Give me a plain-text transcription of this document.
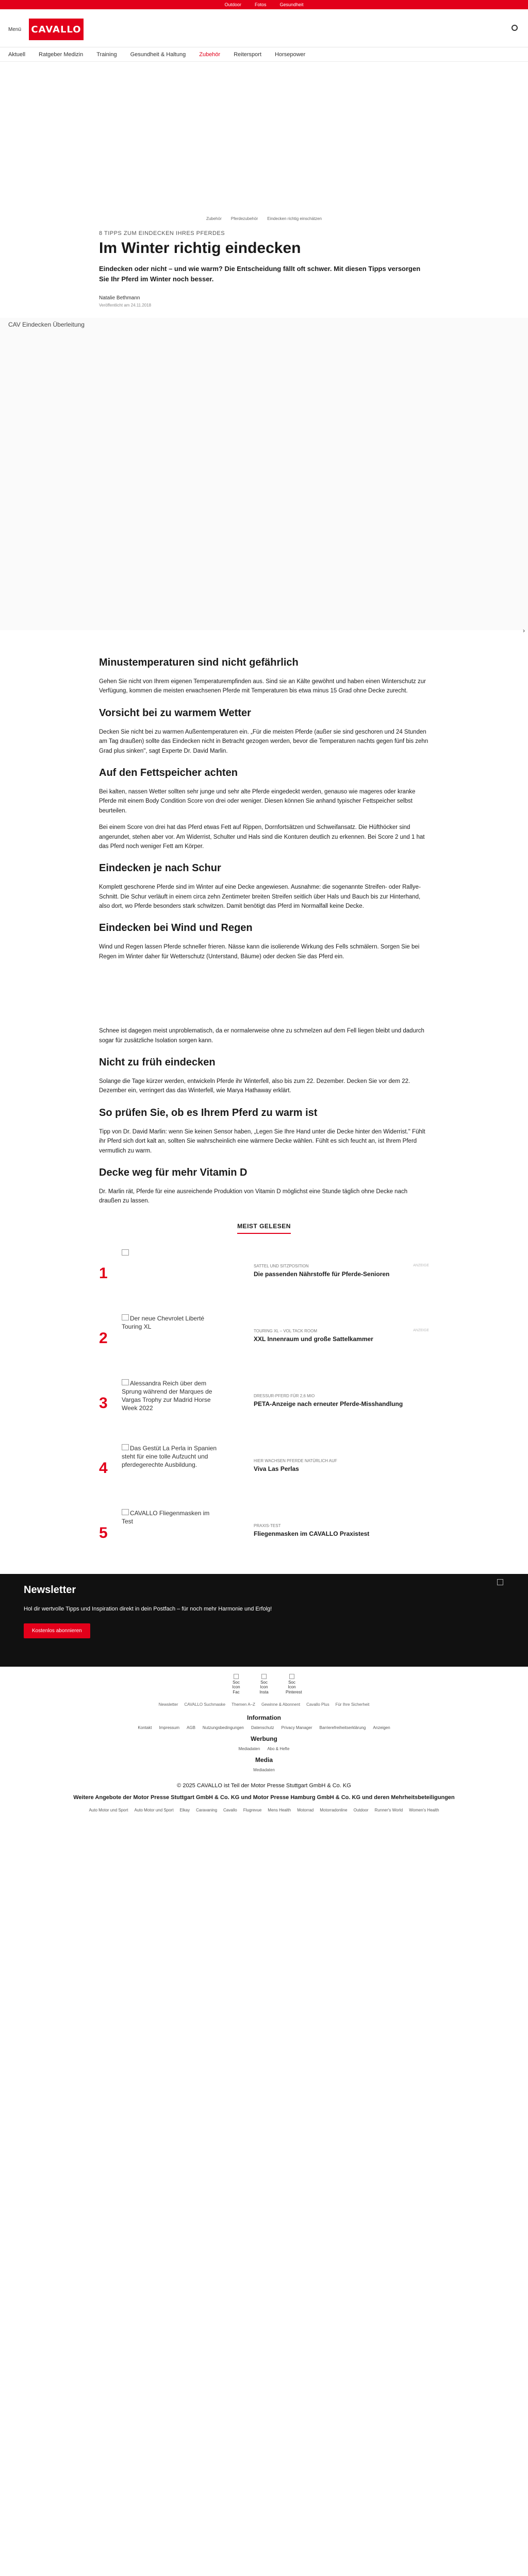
Outdoor	Fotos	Gesundheit
Menü CAVALLO
Aktuell Ratgeber Medizin Training Gesundheit & Haltung Zubehör Reitersport Horsepower
Zubehör Pferdezubehör Eindecken richtig einschätzen
8 TIPPS ZUM EINDECKEN IHRES PFERDES
Im Winter richtig eindecken

Eindecken oder nicht – und wie warm? Die Entscheidung fällt oft schwer. Mit diesen Tipps versorgen Sie Ihr Pferd im Winter noch besser.

Natalie Bethmann
Veröffentlicht am 24.11.2018
CAV Eindecken Überleitung
›
Minustemperaturen sind nicht gefährlich

Gehen Sie nicht von Ihrem eigenen Temperaturempfinden aus. Sind sie an Kälte gewöhnt und haben einen Winterschutz zur Verfügung, kommen die meisten erwachsenen Pferde mit Temperaturen bis etwa minus 15 Grad ohne Decke zurecht.

Vorsicht bei zu warmem Wetter

Decken Sie nicht bei zu warmen Außentemperaturen ein. „Für die meisten Pferde (außer sie sind geschoren und 24 Stunden am Tag draußen) sollte das Eindecken nicht in Betracht gezogen werden, bevor die Temperaturen nachts gegen fünf bis zehn Grad plus sinken", sagt Experte Dr. David Marlin.

Auf den Fettspeicher achten

Bei kalten, nassen Wetter sollten sehr junge und sehr alte Pferde eingedeckt werden, genauso wie mageres oder kranke Pferde mit einem Body Condition Score von drei oder weniger. Diesen können Sie anhand typischer Fettspeicher selbst beurteilen.

Bei einem Score von drei hat das Pferd etwas Fett auf Rippen, Dornfortsätzen und Schweifansatz. Die Hüfthöcker sind angerundet, stehen aber vor. Am Widerrist, Schulter und Hals sind die Konturen deutlich zu erkennen. Bei Score 2 und 1 hat das Pferd noch weniger Fett am Körper.

Eindecken je nach Schur

Komplett geschorene Pferde sind im Winter auf eine Decke angewiesen. Ausnahme: die sogenannte Streifen- oder Rallye-Schnitt. Die Schur verläuft in einem circa zehn Zentimeter breiten Streifen seitlich über Hals und Bauch bis zur Hinterhand, also dort, wo Pferde besonders stark schwitzen. Damit benötigt das Pferd im Normalfall keine Decke.

Eindecken bei Wind und Regen

Wind und Regen lassen Pferde schneller frieren. Nässe kann die isolierende Wirkung des Fells schmälern. Sorgen Sie bei Regen im Winter daher für Wetterschutz (Unterstand, Bäume) oder decken Sie das Pferd ein.

Schnee ist dagegen meist unproblematisch, da er normalerweise ohne zu schmelzen auf dem Fell liegen bleibt und dadurch sogar für zusätzliche Isolation sorgen kann.

Nicht zu früh eindecken

Solange die Tage kürzer werden, entwickeln Pferde ihr Winterfell, also bis zum 22. Dezember. Decken Sie vor dem 22. Dezember ein, verringert das das Winterfell, wie Marya Hathaway erklärt.

So prüfen Sie, ob es Ihrem Pferd zu warm ist

Tipp von Dr. David Marlin: wenn Sie keinen Sensor haben, „Legen Sie Ihre Hand unter die Decke hinter den Widerrist." Fühlt ihr Pferd sich dort kalt an, sollten Sie wahrscheinlich eine wärmere Decke wählen. Fühlt es sich feucht an, ist Ihrem Pferd vermutlich zu warm.

Decke weg für mehr Vitamin D

Dr. Marlin rät, Pferde für eine ausreichende Produktion von Vitamin D möglichst eine Stunde täglich ohne Decke nach draußen zu lassen.

MEIST GELESEN
1	SATTEL UND SITZPOSITION
Die passenden Nährstoffe für Pferde-Senioren
ANZEIGE
2
Der neue Chevrolet Liberté Touring XL
TOURING XL – VOL TACK ROOM
XXL Innenraum und große Sattelkammer
ANZEIGE
3
Alessandra Reich über dem Sprung während der Marques de Vargas Trophy zur Madrid Horse Week 2022
DRESSUR-PFERD FÜR 2,6 MIO
PETA-Anzeige nach erneuter Pferde-Misshandlung
4
Das Gestüt La Perla in Spanien steht für eine tolle Aufzucht und pferdegerechte Ausbildung.
HIER WACHSEN PFERDE NATÜRLICH AUF
Viva Las Perlas
5
CAVALLO Fliegenmasken im Test
PRAXIS-TEST
Fliegenmasken im CAVALLO Praxistest
Newsletter
Hol dir wertvolle Tipps und Inspiration direkt in dein Postfach – für noch mehr Harmonie und Erfolg!
Kostenlos abonnieren
Soc Icon Fac
Soc Icon Insta
Soc Icon Pinterest
Newsletter CAVALLO Suchmaske Themen A–Z Gewinne & Abonnent Cavallo Plus Für Ihre Sicherheit
Information
Kontakt Impressum AGB Nutzungsbedingungen Datenschutz Privacy Manager Barrierefreiheitserklärung Anzeigen
Werbung
Mediadaten Abo & Hefte
Media
Mediadaten
© 2025 CAVALLO ist Teil der Motor Presse Stuttgart GmbH & Co. KG
Weitere Angebote der Motor Presse Stuttgart GmbH & Co. KG und Motor Presse Hamburg GmbH & Co. KG und deren Mehrheitsbeteiligungen
Auto Motor und Sport Auto Motor und Sport Elkay Caravaning Cavallo Flugrevue Mens Health Motorrad Motorradonline Outdoor Runner's World Women's Health
